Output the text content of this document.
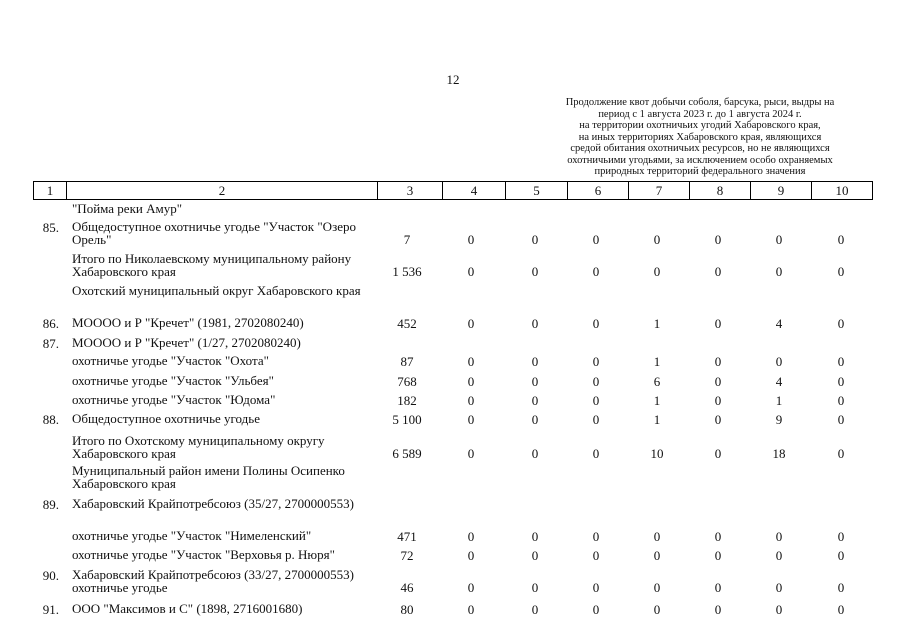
12
Продолжение квот добычи соболя, барсука, рыси, выдры на
период с 1 августа 2023 г. до 1 августа 2024 г.
на территории охотничьих угодий Хабаровского края,
на иных территориях Хабаровского края, являющихся
средой обитания охотничьих ресурсов, но не являющихся
охотничьими угодьями, за исключением особо охраняемых
природных территорий федерального значения
1	2	3	4	5	6	7	8	9	10
"Пойма реки Амур"
85. Общедоступное охотничье угодье "Участок "Озеро Орель"	7	0	0	0	0	0	0	0
Итого по Николаевскому муниципальному району Хабаровского края	1 536	0	0	0	0	0	0	0
Охотский муниципальный округ Хабаровского края
86. МОООО и Р "Кречет" (1981, 2702080240)	452	0	0	0	1	0	4	0
87. МОООО и Р "Кречет" (1/27, 2702080240)
охотничье угодье "Участок "Охота"	87	0	0	0	1	0	0	0
охотничье угодье "Участок "Ульбея"	768	0	0	0	6	0	4	0
охотничье угодье "Участок "Юдома"	182	0	0	0	1	0	1	0
88. Общедоступное охотничье угодье	5 100	0	0	0	1	0	9	0
Итого по Охотскому муниципальному округу Хабаровского края	6 589	0	0	0	10	0	18	0
Муниципальный район имени Полины Осипенко Хабаровского края
89. Хабаровский Крайпотребсоюз (35/27, 2700000553)
охотничье угодье "Участок "Нимеленский"	471	0	0	0	0	0	0	0
охотничье угодье "Участок "Верховья р. Нюря"	72	0	0	0	0	0	0	0
90. Хабаровский Крайпотребсоюз (33/27, 2700000553) охотничье угодье	46	0	0	0	0	0	0	0
91. ООО "Максимов и С" (1898, 2716001680)	80	0	0	0	0	0	0	0
